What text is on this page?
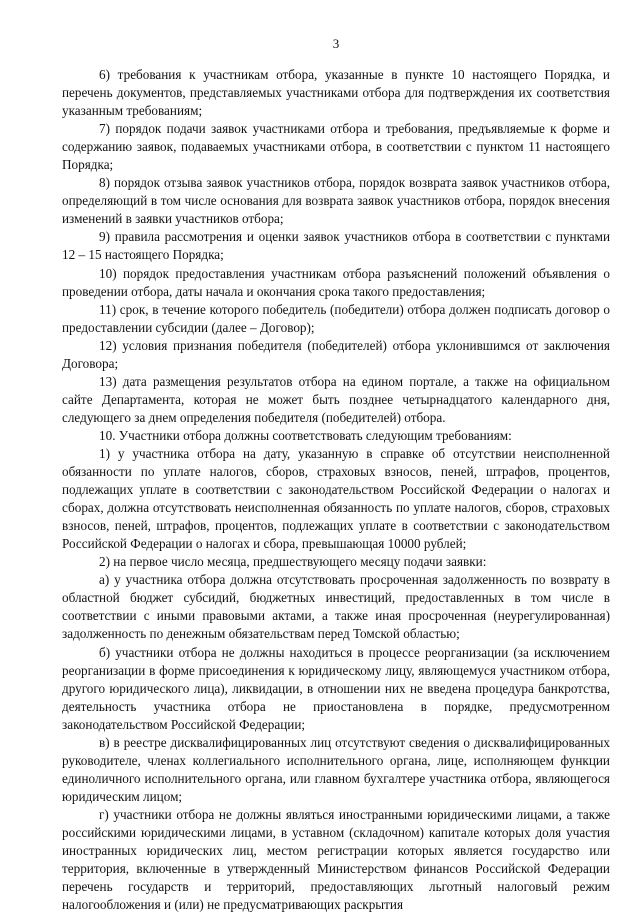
3

6) требования к участникам отбора, указанные в пункте 10 настоящего Порядка, и перечень документов, представляемых участниками отбора для подтверждения их соответствия указанным требованиям;

7) порядок подачи заявок участниками отбора и требования, предъявляемые к форме и содержанию заявок, подаваемых участниками отбора, в соответствии с пунктом 11 настоящего Порядка;

8) порядок отзыва заявок участников отбора, порядок возврата заявок участников отбора, определяющий в том числе основания для возврата заявок участников отбора, порядок внесения изменений в заявки участников отбора;

9) правила рассмотрения и оценки заявок участников отбора в соответствии с пунктами 12 – 15 настоящего Порядка;

10) порядок предоставления участникам отбора разъяснений положений объявления о проведении отбора, даты начала и окончания срока такого предоставления;

11) срок, в течение которого победитель (победители) отбора должен подписать договор о предоставлении субсидии (далее – Договор);

12) условия признания победителя (победителей) отбора уклонившимся от заключения Договора;

13) дата размещения результатов отбора на едином портале, а также на официальном сайте Департамента, которая не может быть позднее четырнадцатого календарного дня, следующего за днем определения победителя (победителей) отбора.

10. Участники отбора должны соответствовать следующим требованиям:

1) у участника отбора на дату, указанную в справке об отсутствии неисполненной обязанности по уплате налогов, сборов, страховых взносов, пеней, штрафов, процентов, подлежащих уплате в соответствии с законодательством Российской Федерации о налогах и сборах, должна отсутствовать неисполненная обязанность по уплате налогов, сборов, страховых взносов, пеней, штрафов, процентов, подлежащих уплате в соответствии с законодательством Российской Федерации о налогах и сбора, превышающая 10000 рублей;

2) на первое число месяца, предшествующего месяцу подачи заявки:

а) у участника отбора должна отсутствовать просроченная задолженность по возврату в областной бюджет субсидий, бюджетных инвестиций, предоставленных в том числе в соответствии с иными правовыми актами, а также иная просроченная (неурегулированная) задолженность по денежным обязательствам перед Томской областью;

б) участники отбора не должны находиться в процессе реорганизации (за исключением реорганизации в форме присоединения к юридическому лицу, являющемуся участником отбора, другого юридического лица), ликвидации, в отношении них не введена процедура банкротства, деятельность участника отбора не приостановлена в порядке, предусмотренном законодательством Российской Федерации;

в) в реестре дисквалифицированных лиц отсутствуют сведения о дисквалифицированных руководителе, членах коллегиального исполнительного органа, лице, исполняющем функции единоличного исполнительного органа, или главном бухгалтере участника отбора, являющегося юридическим лицом;

г) участники отбора не должны являться иностранными юридическими лицами, а также российскими юридическими лицами, в уставном (складочном) капитале которых доля участия иностранных юридических лиц, местом регистрации которых является государство или территория, включенные в утвержденный Министерством финансов Российской Федерации перечень государств и территорий, предоставляющих льготный налоговый режим налогообложения и (или) не предусматривающих раскрытия
